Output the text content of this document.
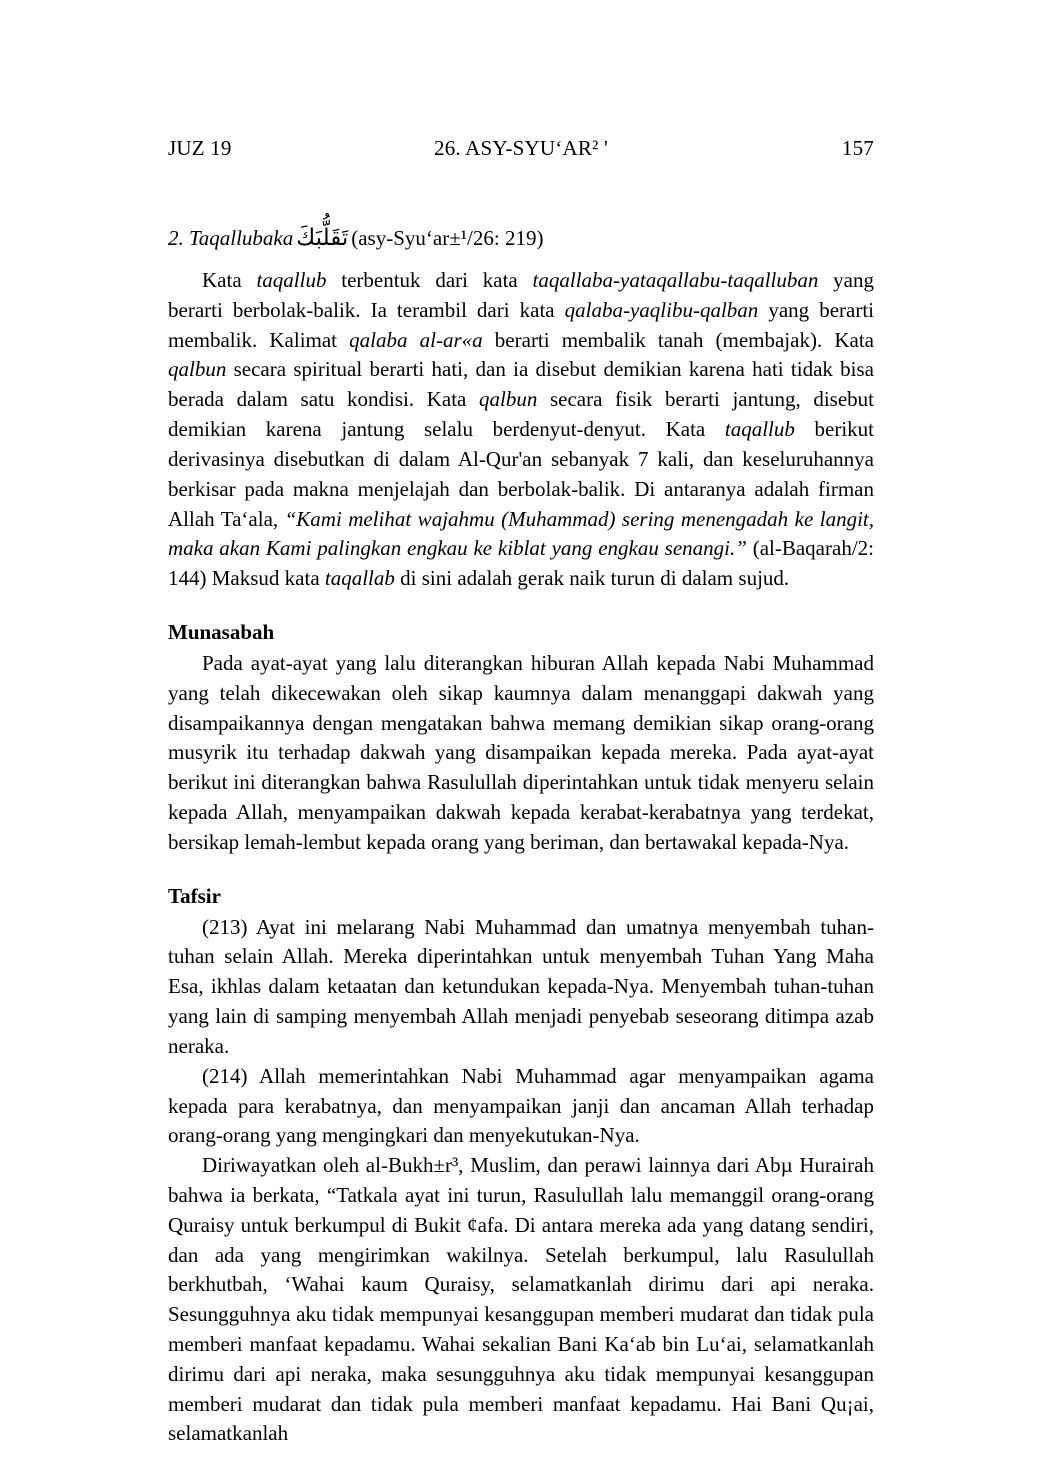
JUZ 19	26. ASY-SYU‘AR² '	157
2. Taqallubaka تَقَلُّبَكَ (asy-Syu‘ar±¹/26: 219)

Kata taqallub terbentuk dari kata taqallaba-yataqallabu-taqalluban yang berarti berbolak-balik. Ia terambil dari kata qalaba-yaqlibu-qalban yang berarti membalik. Kalimat qalaba al-ar«a berarti membalik tanah (membajak). Kata qalbun secara spiritual berarti hati, dan ia disebut demikian karena hati tidak bisa berada dalam satu kondisi. Kata qalbun secara fisik berarti jantung, disebut demikian karena jantung selalu berdenyut-denyut. Kata taqallub berikut derivasinya disebutkan di dalam Al-Qur'an sebanyak 7 kali, dan keseluruhannya berkisar pada makna menjelajah dan berbolak-balik. Di antaranya adalah firman Allah Ta‘ala, “Kami melihat wajahmu (Muhammad) sering menengadah ke langit, maka akan Kami palingkan engkau ke kiblat yang engkau senangi.” (al-Baqarah/2: 144) Maksud kata taqallab di sini adalah gerak naik turun di dalam sujud.

Munasabah

Pada ayat-ayat yang lalu diterangkan hiburan Allah kepada Nabi Muhammad yang telah dikecewakan oleh sikap kaumnya dalam menanggapi dakwah yang disampaikannya dengan mengatakan bahwa memang demikian sikap orang-orang musyrik itu terhadap dakwah yang disampaikan kepada mereka. Pada ayat-ayat berikut ini diterangkan bahwa Rasulullah diperintahkan untuk tidak menyeru selain kepada Allah, menyampaikan dakwah kepada kerabat-kerabatnya yang terdekat, bersikap lemah-lembut kepada orang yang beriman, dan bertawakal kepada-Nya.

Tafsir

(213) Ayat ini melarang Nabi Muhammad dan umatnya menyembah tuhan-tuhan selain Allah. Mereka diperintahkan untuk menyembah Tuhan Yang Maha Esa, ikhlas dalam ketaatan dan ketundukan kepada-Nya. Menyembah tuhan-tuhan yang lain di samping menyembah Allah menjadi penyebab seseorang ditimpa azab neraka.

(214) Allah memerintahkan Nabi Muhammad agar menyampaikan agama kepada para kerabatnya, dan menyampaikan janji dan ancaman Allah terhadap orang-orang yang mengingkari dan menyekutukan-Nya.

Diriwayatkan oleh al-Bukh±r³, Muslim, dan perawi lainnya dari Abµ Hurairah bahwa ia berkata, “Tatkala ayat ini turun, Rasulullah lalu memanggil orang-orang Quraisy untuk berkumpul di Bukit ¢afa. Di antara mereka ada yang datang sendiri, dan ada yang mengirimkan wakilnya. Setelah berkumpul, lalu Rasulullah berkhutbah, ‘Wahai kaum Quraisy, selamatkanlah dirimu dari api neraka. Sesungguhnya aku tidak mempunyai kesanggupan memberi mudarat dan tidak pula memberi manfaat kepadamu. Wahai sekalian Bani Ka‘ab bin Lu‘ai, selamatkanlah dirimu dari api neraka, maka sesungguhnya aku tidak mempunyai kesanggupan memberi mudarat dan tidak pula memberi manfaat kepadamu. Hai Bani Qu¡ai, selamatkanlah
